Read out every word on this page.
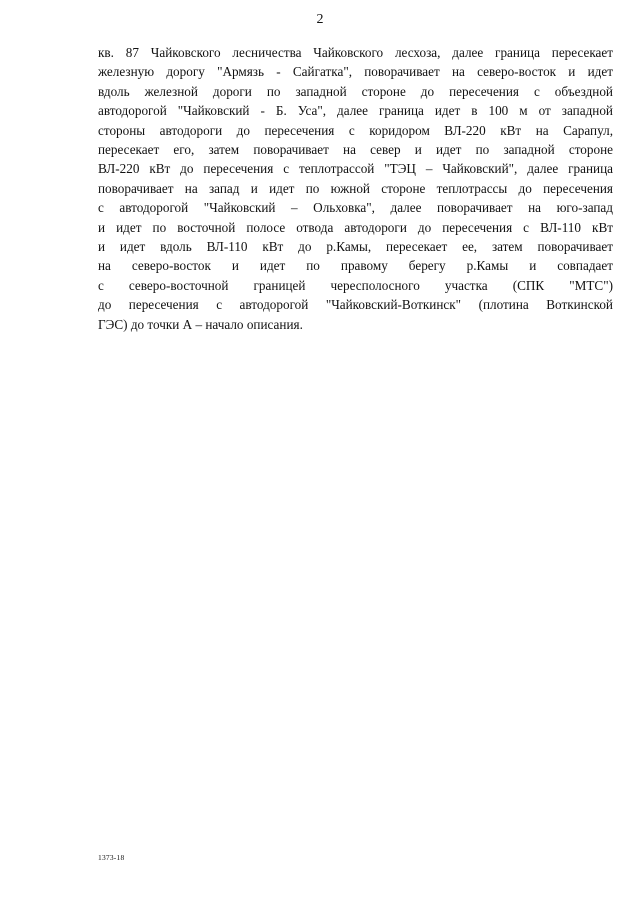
2
кв. 87 Чайковского лесничества Чайковского лесхоза, далее граница пересекает
железную дорогу "Армязь - Сайгатка", поворачивает на северо-восток и идет
вдоль железной дороги по западной стороне до пересечения с объездной
автодорогой "Чайковский - Б. Уса", далее граница идет в 100 м от западной
стороны автодороги до пересечения с коридором ВЛ-220 кВт на Сарапул,
пересекает его, затем поворачивает на север и идет по западной стороне
ВЛ-220 кВт до пересечения с теплотрассой "ТЭЦ – Чайковский", далее граница
поворачивает на запад и идет по южной стороне теплотрассы до пересечения
с автодорогой "Чайковский – Ольховка", далее поворачивает на юго-запад
и идет по восточной полосе отвода автодороги до пересечения с ВЛ-110 кВт
и идет вдоль ВЛ-110 кВт до р.Камы, пересекает ее, затем поворачивает
на северо-восток и идет по правому берегу р.Камы и совпадает
с северо-восточной границей чересполосного участка (СПК "МТС")
до пересечения с автодорогой "Чайковский-Воткинск" (плотина Воткинской
ГЭС) до точки А – начало описания.
1373-18
